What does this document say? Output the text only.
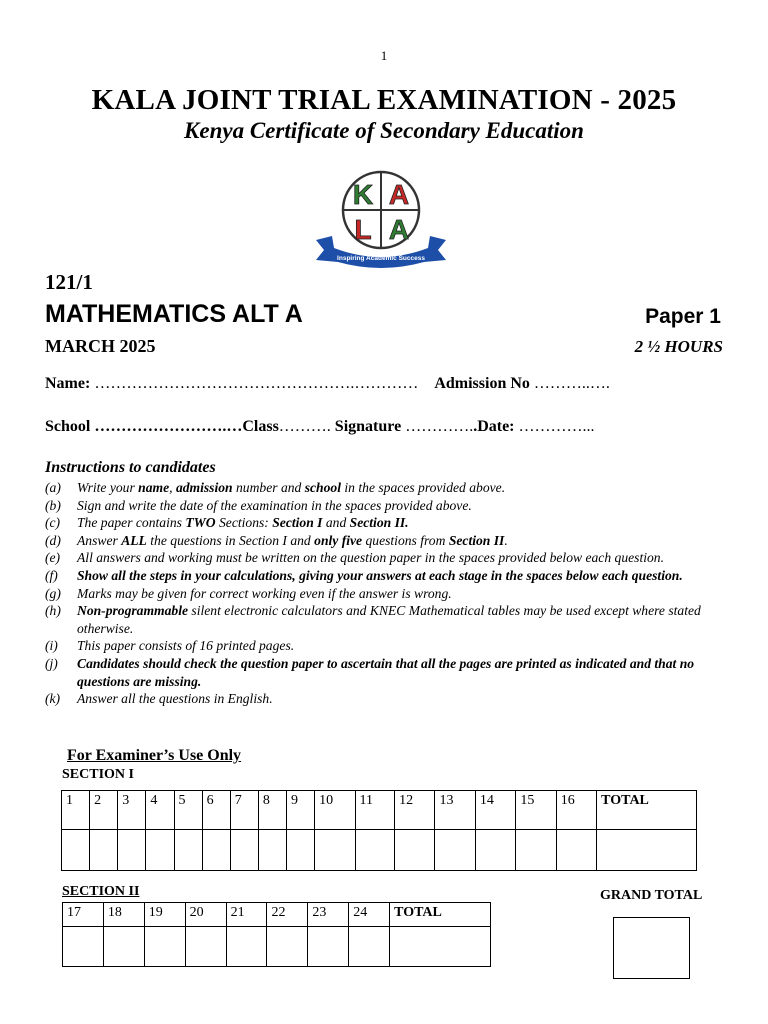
1
KALA JOINT TRIAL EXAMINATION - 2025
Kenya Certificate of Secondary Education
K A
L A
Inspiring Academic Success
121/1
MATHEMATICS ALT A	Paper 1
MARCH 2025	2 ½ HOURS
Name: ………………………………………….………… Admission No ………..….
School …………………….…Class………. Signature …………..Date: …………...
Instructions to candidates
(a)	Write your name, admission number and school in the spaces provided above.
(b)	Sign and write the date of the examination in the spaces provided above.
(c)	The paper contains TWO Sections: Section I and Section II.
(d)	Answer ALL the questions in Section I and only five questions from Section II.
(e)	All answers and working must be written on the question paper in the spaces provided below each question.
(f)	Show all the steps in your calculations, giving your answers at each stage in the spaces below each question.
(g)	Marks may be given for correct working even if the answer is wrong.
(h)	Non-programmable silent electronic calculators and KNEC Mathematical tables may be used except where stated otherwise.
(i)	This paper consists of 16 printed pages.
(j)	Candidates should check the question paper to ascertain that all the pages are printed as indicated and that no questions are missing.
(k)	Answer all the questions in English.
For Examiner’s Use Only
SECTION I
1	2	3	4	5	6	7	8	9	10	11	12	13	14	15	16	TOTAL

SECTION II
17	18	19	20	21	22	23	24	TOTAL

GRAND TOTAL
